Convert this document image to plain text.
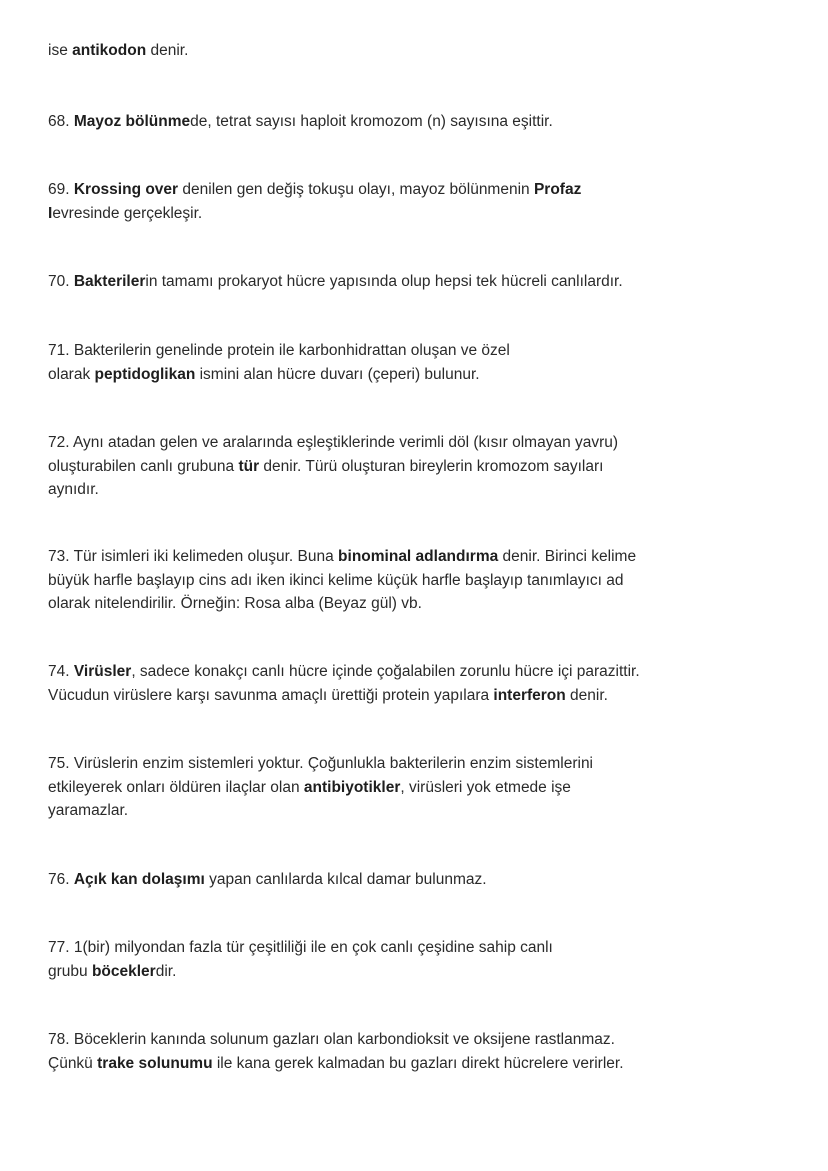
ise antikodon denir.

68. Mayoz bölünmede, tetrat sayısı haploit kromozom (n) sayısına eşittir.

69. Krossing over denilen gen değiş tokuşu olayı, mayoz bölünmenin Profaz
Ievresinde gerçekleşir.

70. Bakterilerin tamamı prokaryot hücre yapısında olup hepsi tek hücreli canlılardır.

71. Bakterilerin genelinde protein ile karbonhidrattan oluşan ve özel
olarak peptidoglikan ismini alan hücre duvarı (çeperi) bulunur.

72. Aynı atadan gelen ve aralarında eşleştiklerinde verimli döl (kısır olmayan yavru)
oluşturabilen canlı grubuna tür denir. Türü oluşturan bireylerin kromozom sayıları
aynıdır.

73. Tür isimleri iki kelimeden oluşur. Buna binominal adlandırma denir. Birinci kelime
büyük harfle başlayıp cins adı iken ikinci kelime küçük harfle başlayıp tanımlayıcı ad
olarak nitelendirilir. Örneğin: Rosa alba (Beyaz gül) vb.

74. Virüsler, sadece konakçı canlı hücre içinde çoğalabilen zorunlu hücre içi parazittir.
Vücudun virüslere karşı savunma amaçlı ürettiği protein yapılara interferon denir.

75. Virüslerin enzim sistemleri yoktur. Çoğunlukla bakterilerin enzim sistemlerini
etkileyerek onları öldüren ilaçlar olan antibiyotikler, virüsleri yok etmede işe
yaramazlar.

76. Açık kan dolaşımı yapan canlılarda kılcal damar bulunmaz.

77. 1(bir) milyondan fazla tür çeşitliliği ile en çok canlı çeşidine sahip canlı
grubu böceklerdir.

78. Böceklerin kanında solunum gazları olan karbondioksit ve oksijene rastlanmaz.
Çünkü trake solunumu ile kana gerek kalmadan bu gazları direkt hücrelere verirler.
